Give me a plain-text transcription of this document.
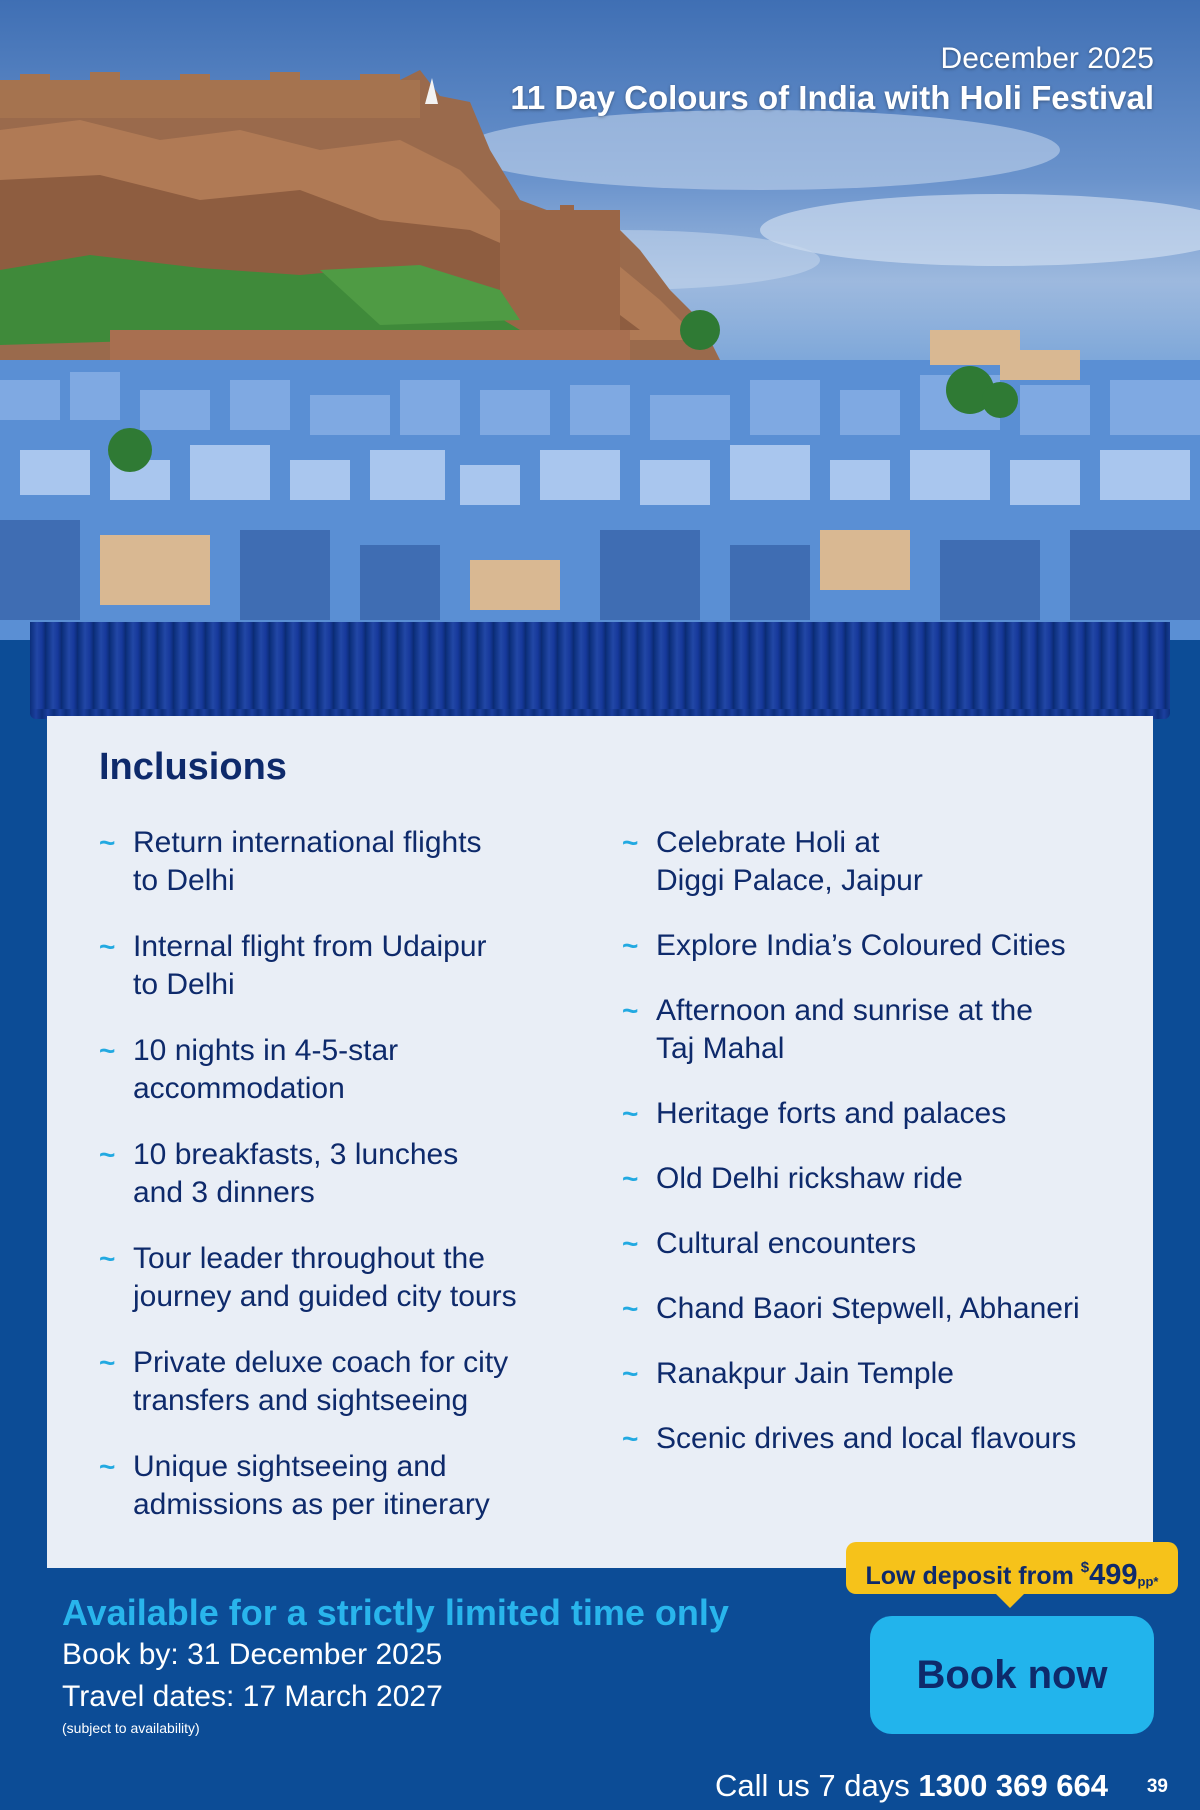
December 2025
11 Day Colours of India with Holi Festival
Inclusions
~ Return international flights
to Delhi
~ Internal flight from Udaipur
to Delhi
~ 10 nights in 4-5-star
accommodation
~ 10 breakfasts, 3 lunches
and 3 dinners
~ Tour leader throughout the
journey and guided city tours
~ Private deluxe coach for city
transfers and sightseeing
~ Unique sightseeing and
admissions as per itinerary
~ Celebrate Holi at
Diggi Palace, Jaipur
~ Explore India’s Coloured Cities
~ Afternoon and sunrise at the
Taj Mahal
~ Heritage forts and palaces
~ Old Delhi rickshaw ride
~ Cultural encounters
~ Chand Baori Stepwell, Abhaneri
~ Ranakpur Jain Temple
~ Scenic drives and local flavours
Available for a strictly limited time only
Book by: 31 December 2025
Travel dates: 17 March 2027
(subject to availability)
Low deposit from $499pp*
Book now
Call us 7 days 1300 369 664 39
